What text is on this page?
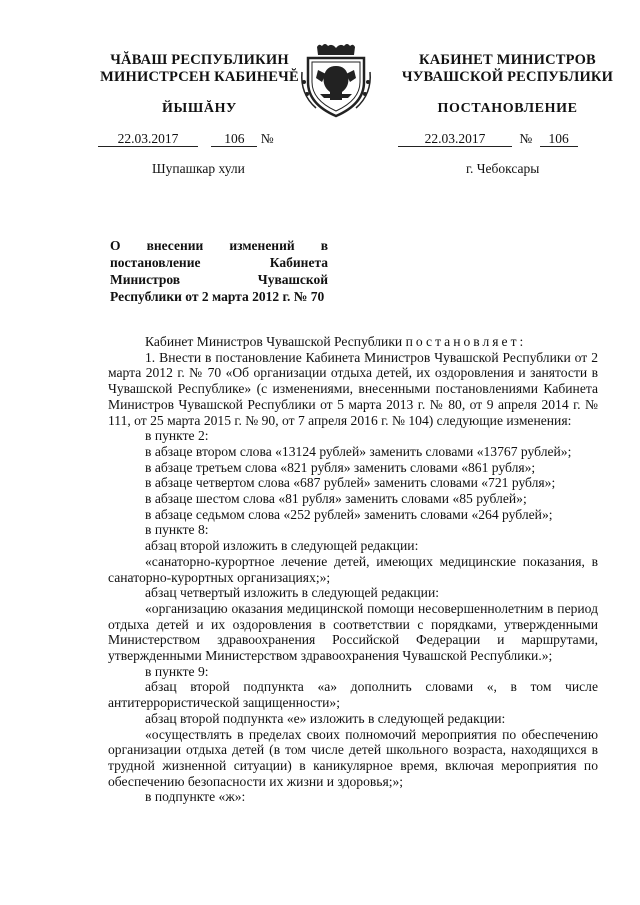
ЧĂВАШ РЕСПУБЛИКИН
МИНИСТРСЕН КАБИНЕЧĔ
ЙЫШĂНУ
КАБИНЕТ МИНИСТРОВ
ЧУВАШСКОЙ РЕСПУБЛИКИ
ПОСТАНОВЛЕНИЕ
22.03.2017	106 №	22.03.2017	№ 106
Шупашкар хули	г. Чебоксары
О внесении изменений в постановление Кабинета Министров Чувашской Республики от 2 марта 2012 г. № 70

Кабинет Министров Чувашской Республики постановляет:

1. Внести в постановление Кабинета Министров Чувашской Республики от 2 марта 2012 г. № 70 «Об организации отдыха детей, их оздоровления и занятости в Чувашской Республике» (с изменениями, внесенными постановлениями Кабинета Министров Чувашской Республики от 5 марта 2013 г. № 80, от 9 апреля 2014 г. № 111, от 25 марта 2015 г. № 90, от 7 апреля 2016 г. № 104) следующие изменения:

в пункте 2:

в абзаце втором слова «13124 рублей» заменить словами «13767 рублей»;

в абзаце третьем слова «821 рубля» заменить словами «861 рубля»;

в абзаце четвертом слова «687 рублей» заменить словами «721 рубля»;

в абзаце шестом слова «81 рубля» заменить словами «85 рублей»;

в абзаце седьмом слова «252 рублей» заменить словами «264 рублей»;

в пункте 8:

абзац второй изложить в следующей редакции:

«санаторно-курортное лечение детей, имеющих медицинские показания, в санаторно-курортных организациях;»;

абзац четвертый изложить в следующей редакции:

«организацию оказания медицинской помощи несовершеннолетним в период отдыха детей и их оздоровления в соответствии с порядками, утвержденными Министерством здравоохранения Российской Федерации и маршрутами, утвержденными Министерством здравоохранения Чувашской Республики.»;

в пункте 9:

абзац второй подпункта «а» дополнить словами «, в том числе антитеррористической защищенности»;

абзац второй подпункта «е» изложить в следующей редакции:

«осуществлять в пределах своих полномочий мероприятия по обеспечению организации отдыха детей (в том числе детей школьного возраста, находящихся в трудной жизненной ситуации) в каникулярное время, включая мероприятия по обеспечению безопасности их жизни и здоровья;»;

в подпункте «ж»:
